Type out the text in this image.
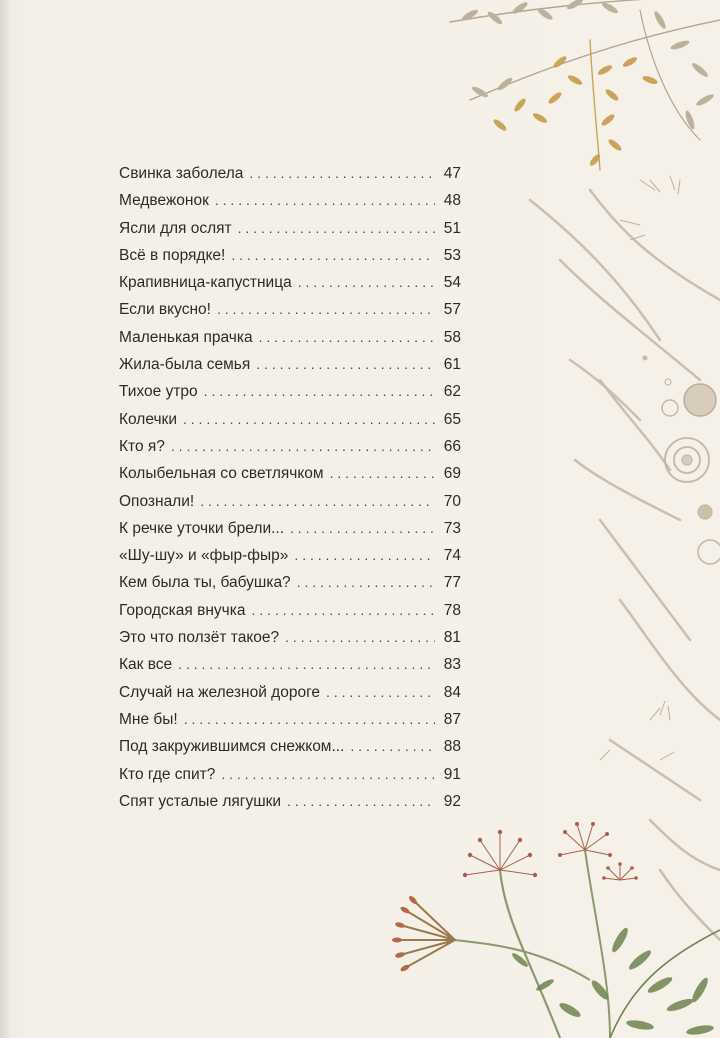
Свинка заболела . . .	47
Медвежонок . . .	48
Ясли для ослят . . .	51
Всё в порядке! . . .	53
Крапивница-капустница . . .	54
Если вкусно! . . .	57
Маленькая прачка . . .	58
Жила-была семья . . .	61
Тихое утро . . .	62
Колечки . . .	65
Кто я? . . .	66
Колыбельная со светлячком . . .	69
Опознали! . . .	70
К речке уточки брели... . . .	73
«Шу-шу» и «фыр-фыр» . . .	74
Кем была ты, бабушка? . . .	77
Городская внучка . . .	78
Это что ползёт такое? . . .	81
Как все . . .	83
Случай на железной дороге . . .	84
Мне бы! . . .	87
Под закружившимся снежком... . . .	88
Кто где спит? . . .	91
Спят усталые лягушки . . .	92
